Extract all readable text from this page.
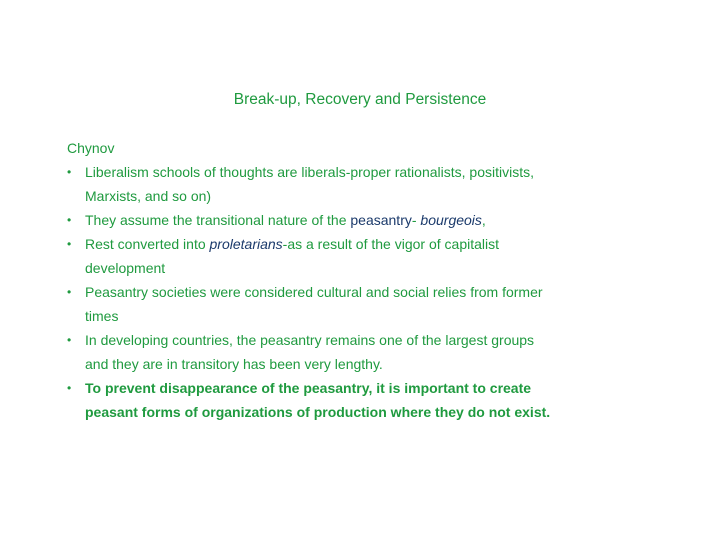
Break-up, Recovery and Persistence
Chynov
• Liberalism schools of thoughts are liberals-proper rationalists, positivists,
Marxists, and so on)
• They assume the transitional nature of the peasantry- bourgeois,
• Rest converted into proletarians-as a result of the vigor of capitalist
development
• Peasantry societies were considered cultural and social relies from former
times
• In developing countries, the peasantry remains one of the largest groups
and they are in transitory has been very lengthy.
• To prevent disappearance of the peasantry, it is important to create
peasant forms of organizations of production where they do not exist.
